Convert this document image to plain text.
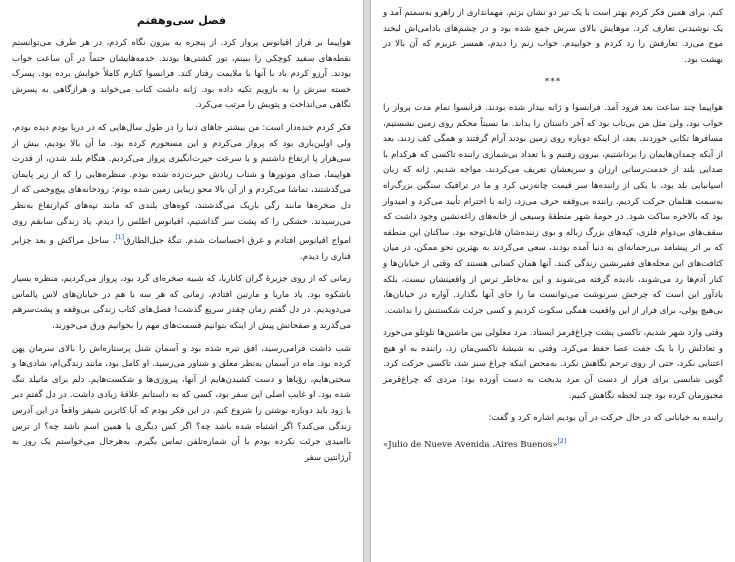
فصل سی‌وهفتم

هواپیما بر فراز اقیانوس پرواز کرد. از پنجره به بیرون نگاه کردم، در هر طرف می‌توانستم نقطه‌های سفید کوچکی را ببینم، نور کشتی‌ها بودند. خدمه‌هایشان حتماً در آن ساعت خواب بودند. آرزو کردم باد با آنها با ملایمت رفتار کند. فرانسوا کنارم کاملاً خوابش برده بود. پسرک خسته سرش را به بازویم تکیه داده بود. ژانه داشت کتاب می‌خواند و هرازگاهی به پسرش نگاهی می‌انداخت و پتویش را مرتب می‌کرد.

فکر کردم خنده‌دار است: من بیشتر جاهای دنیا را در طول سال‌هایی که در دریا بودم دیده بودم، ولی اولین‌باری بود که پرواز می‌کردم و این مسحورم کرده بود. ما آن بالا بودیم، بیش از سی‌هزار پا ارتفاع داشتیم و با سرعت حیرت‌انگیزی پرواز می‌کردیم. هنگام بلند شدن، از قدرت هواپیما، صدای موتورها و شتاب زیادش حیرت‌زده شده بودم. منظره‌هایی را که از زیر پایمان می‌گذشتند، تماشا می‌کردم و از آن بالا محو زیبایی زمین شده بودم: رودخانه‌های پیچ‌وخمی که از دل صخره‌ها مانند رگی باریک می‌گذشتند، کوه‌های بلندی که مانند تپه‌های کم‌ارتفاع به‌نظر می‌رسیدند. خشکی را که پشت سر گذاشتیم، اقیانوس اطلس را دیدم. یاد زندگی سابقم روی امواج اقیانوس افتادم و غرق احساسات شدم. تنگهٔ جبل‌الطارق[1]، ساحل مراکش و بعد جزایر قناری را دیدم.

زمانی که از روی جزیرهٔ گران کاناریا، که شبیه صخره‌ای گرد بود، پرواز می‌کردیم، منظره بسیار باشکوه بود. یاد ماریا و مارتین افتادم، زمانی که هر سه با هم در خیابان‌های لاس پالماس می‌دویدیم. در دل گفتم زمان چقدر سریع گذشت! فصل‌های کتاب زندگی بی‌وقفه و پشت‌سرهم می‌گذرند و صفحاتش پیش از اینکه بتوانیم قسمت‌های مهم را بخوانیم ورق می‌خورند.

شب داشت فرامی‌رسید، افق تیره شده بود و آسمان شنل پرستاره‌اش را بالای سرمان پهن کرده بود. ماه در آسمان به‌نظر معلق و شناور می‌رسید. او کامل بود، مانند زندگی‌ام، شادی‌ها و سختی‌هایم، رؤیاها و دست کشیدن‌هایم از آنها، پیروزی‌ها و شکست‌هایم. دلم برای ماتیلد تنگ شده بود. او غایب اصلی این سفر بود، کسی که به داستانم علاقهٔ زیادی داشت. در دل گفتم دیر یا زود باید دوباره نوشتن را شروع کنم. در این فکر بودم که آیا کاترین شیفر واقعاً در این آدرس زندگی می‌کند؟ اگر اشتباه شده باشد چه؟ اگر کس دیگری با همین اسم باشد چه؟ از ترس ناامیدی جرئت نکرده بودم با آن شماره‌تلفن تماس بگیرم. به‌هرحال می‌خواستم یک روز به آرژانتین سفر

کنم. برای همین فکر کردم بهتر است با یک تیر دو نشان بزنم. مهمانداری از راهرو به‌سمتم آمد و یک نوشیدنی تعارف کرد. موهایش بالای سرش جمع شده بود و در چشم‌های بادامی‌اش لبخند موج می‌زد. تعارفش را رد کردم و خوابیدم. خواب زنم را دیدم، همسر عزیزم که آن بالا در بهشت بود.

***

هواپیما چند ساعت بعد فرود آمد. فرانسوا و ژانه بیدار شده بودند. فرانسوا تمام مدت پرواز را خواب بود، ولی مثل من بی‌تاب بود که آخر داستان را بداند. ما نسبتاً محکم روی زمین نشستیم، مسافرها تکانی خوردند. بعد، از اینکه دوباره روی زمین بودند آرام گرفتند و همگی کف زدند. بعد از آنکه چمدان‌هایمان را برداشتیم، بیرون رفتیم و با تعداد بی‌شماری راننده تاکسی که هرکدام با صدایی بلند از خدمت‌رسانی ارزان و سریعشان تعریف می‌کردند، مواجه شدیم. ژانه که زبان اسپانیایی بلد بود، با یکی از راننده‌ها سر قیمت چانه‌زنی کرد و ما در ترافیک سنگین بزرگ‌راه به‌سمت هتلمان حرکت کردیم. راننده بی‌وقفه حرف می‌زد، ژانه با احترام تأیید می‌کرد و امیدوار بود که بالاخره ساکت شود. در حومهٔ شهر منطقهٔ وسیعی از خانه‌های زاغه‌نشین وجود داشت که سقف‌های بی‌دوام فلزی، کپه‌های بزرگ زباله و بوی زننده‌شان قابل‌توجه بود. ساکنان این منطقه که بر اثر پیشامد بی‌رحمانه‌ای به دنیا آمده بودند، سعی می‌کردند به بهترین نحو ممکن، در میان کثافت‌های این محله‌های فقیرنشین زندگی کنند. آنها همان کسانی هستند که وقتی از خیابان‌ها و کنار آدم‌ها رد می‌شوند، نادیده گرفته می‌شوند و این به‌خاطر ترس از واقعیتشان نیست، بلکه یادآور این است که چرخش سرنوشت می‌توانست ما را جای آنها بگذارد. آواره در خیابان‌ها، بی‌هیچ پولی، برای فرار از این واقعیت همگی سکوت کردیم و کسی جرئت شکستنش را نداشت.

وقتی وارد شهر شدیم، تاکسی پشت چراغ‌قرمز ایستاد. مرد معلولی بین ماشین‌ها تلوتلو می‌خورد و تعادلش را با یک جفت عصا حفظ می‌کرد. وقتی به شیشهٔ تاکسی‌مان زد، راننده به او هیچ اعتنایی نکرد، حتی از روی ترحم نگاهش نکرد. به‌محض اینکه چراغ سبز شد، تاکسی حرکت کرد. گویی شانسی برای فرار از دست آن مرد بدبخت به دست آورده بود: مردی که چراغ‌قرمز مجبورمان کرده بود چند لحظه نگاهش کنیم.

راننده به خیابانی که در حال حرکت در آن بودیم اشاره کرد و گفت:

«Julio de Nueve Avenida ،Aires Buenos»[2]
